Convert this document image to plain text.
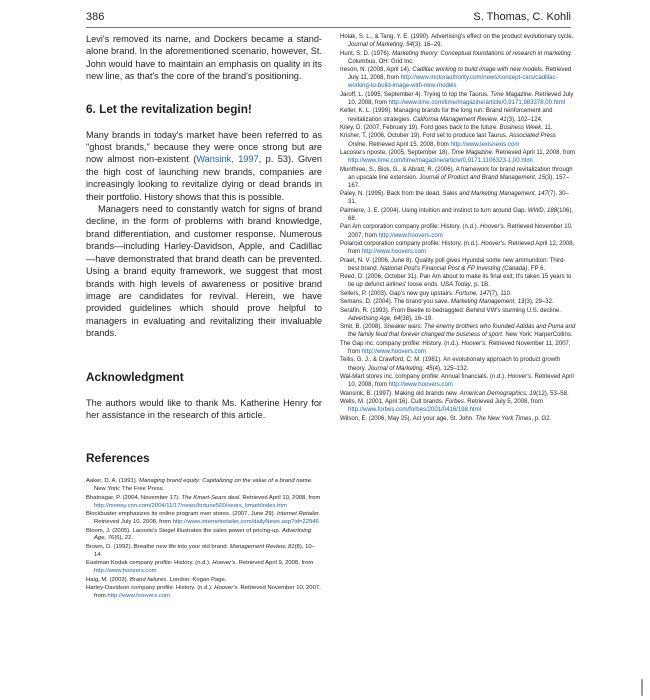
386	S. Thomas, C. Kohli

Levi's removed its name, and Dockers became a stand-alone brand. In the aforementioned scenario, however, St. John would have to maintain an emphasis on quality in its new line, as that's the core of the brand's positioning.

6. Let the revitalization begin!

Many brands in today's market have been referred to as "ghost brands," because they were once strong but are now almost non-existent (Wansink, 1997, p. 53). Given the high cost of launching new brands, companies are increasingly looking to revitalize dying or dead brands in their portfolio. History shows that this is possible.

Managers need to constantly watch for signs of brand decline, in the form of problems with brand knowledge, brand differentiation, and customer response. Numerous brands—including Harley-Davidson, Apple, and Cadillac—have demonstrated that brand death can be prevented. Using a brand equity framework, we suggest that most brands with high levels of awareness or positive brand image are candidates for revival. Herein, we have provided guidelines which should prove helpful to managers in evaluating and revitalizing their invaluable brands.

Acknowledgment

The authors would like to thank Ms. Katherine Henry for her assistance in the research of this article.

References
Aaker, D. A. (1991). Managing brand equity: Capitalizing on the value of a brand name. New York: The Free Press.
Bhatnagar, P. (2004, November 17). The Kmart-Sears deal. Retrieved April 10, 2008, from http://money.cnn.com/2004/11/17/news/fortune500/sears_kmart/index.htm
Blockbuster emphasizes its online program over stores. (2007, June 29). Internet Retailer. Retrieved July 10, 2008, from http://www.internetretailer.com/dailyNews.asp?id=22946
Bloom, J. (2005). Lacoste's Siegel illustrates the sales power of pricing-up. Advertising Age, 76(6), 22.
Brown, D. (1992). Breathe new life into your old brand. Management Review, 81(8), 10–14.
Eastman Kodak company profile: History. (n.d.). Hoover's. Retrieved April 9, 2008, from http://www.hoovers.com
Haig, M. (2003). Brand failures. London: Kogan Page.
Harley-Davidson company profile: History. (n.d.). Hoover's. Retrieved November 10, 2007, from http://www.hoovers.com
Holak, S. L., & Tang, Y. E. (1990). Advertising's effect on the product evolutionary cycle. Journal of Marketing, 54(3), 16–29.
Hunt, S. D. (1976). Marketing theory: Conceptual foundations of research in marketing. Columbus, OH: Grid Inc.
Ireson, N. (2008, April 14). Cadillac working to build image with new models. Retrieved July 11, 2008, from http://www.motorauthority.com/news/concept-cars/cadillac-working-to-build-image-with-new-models
Jaroff, L. (1995, September 4). Trying to top the Taurus. Time Magazine. Retrieved July 10, 2008, from http://www.time.com/time/magazine/article/0,9171,983378,00.html
Keller, K. L. (1999). Managing brands for the long run: Brand reinforcement and revitalization strategies. California Management Review, 41(3), 102–124.
Kiley, D. (2007, February 19). Ford goes back to the future. Business Week, 11.
Krisher, T. (2006, October 19). Ford set to produce last Taurus. Associated Press Online. Retrieved April 15, 2008, from http://www.lexisnexis.com
Lacoste's riposte. (2005, September 18). Time Magazine. Retrieved April 11, 2008, from http://www.time.com/time/magazine/article/0,9171,1106323-1,00.html
Munthree, S., Bick, G., & Abratt, R. (2006). A framework for brand revitalization through an upscale line extension. Journal of Product and Brand Management, 15(3), 157–167.
Paley, N. (1995). Back from the dead. Sales and Marketing Management, 147(7), 30–31.
Palmiere, J. E. (2004). Using intuition and instinct to turn around Gap. WWD, 188(106), 68.
Pan Am corporation company profile: History. (n.d.). Hoover's. Retrieved November 10, 2007, from http://www.hoovers.com
Polaroid corporation company profile: History. (n.d.). Hoover's. Retrieved April 12, 2008, from http://www.hoovers.com
Praet, N. V. (2006, June 8). Quality poll gives Hyundai some new ammunition: Third-best brand. National Post's Financial Post & FP Investing (Canada), FP 6.
Reed, D. (2006, October 31). Pan Am about to make its final exit; It's taken 15 years to tie up defunct airlines' loose ends. USA Today, p. 1B.
Sellers, P. (2003). Gap's new guy upstairs. Fortune, 147(7), 110.
Semans, D. (2004). The brand you save. Marketing Management, 13(3), 29–32.
Serafin, R. (1993). From Beetle to bedraggled: Behind VW's stunning U.S. decline. Advertising Age, 64(38), 16–19.
Smit, B. (2008). Sneaker wars: The enemy brothers who founded Adidas and Puma and the family feud that forever changed the business of sport. New York: HarperCollins.
The Gap inc. company profile: History. (n.d.). Hoover's. Retrieved November 11, 2007, from http://www.hoovers.com
Tellis, G. J., & Crawford, C. M. (1981). An evolutionary approach to product growth theory. Journal of Marketing, 45(4), 125–132.
Wal-Mart stores inc. company profile: Annual financials. (n.d.). Hoover's. Retrieved April 10, 2008, from http://www.hoovers.com
Wansink, B. (1997). Making old brands new. American Demographics, 19(12), 53–58.
Wells, M. (2001, April 16). Cult brands. Forbes. Retrieved July 5, 2008, from http://www.forbes.com/forbes/2001/0416/198.html
Wilson, E. (2006, May 25). Act your age, St. John. The New York Times, p. G2.
